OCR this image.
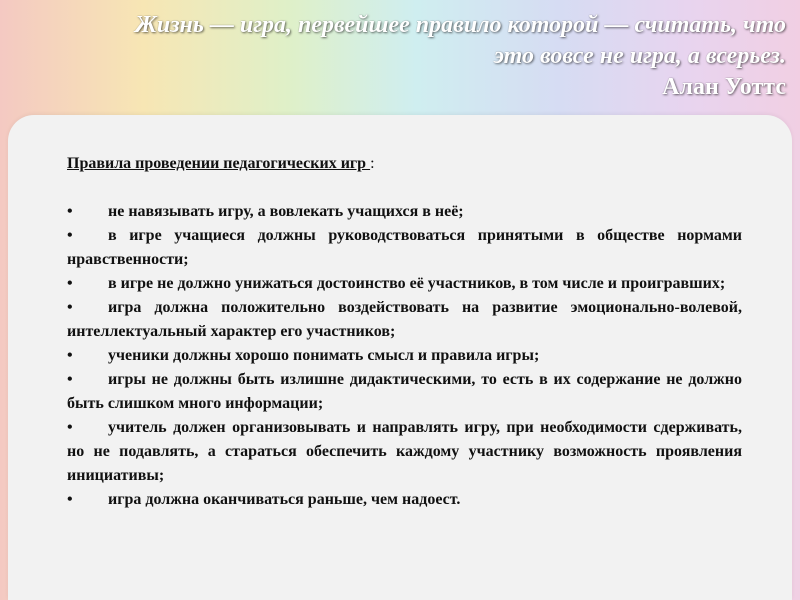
Жизнь — игра, первейшее правило которой — считать, что
это вовсе не игра, а всерьез.
Алан Уоттс
Правила проведении педагогических игр :

• не навязывать игру, а вовлекать учащихся в неё;

• в игре учащиеся должны руководствоваться принятыми в обществе нормами нравственности;

• в игре не должно унижаться достоинство её участников, в том числе и проигравших;

• игра должна положительно воздействовать на развитие эмоционально-волевой, интеллектуальный характер его участников;

• ученики должны хорошо понимать смысл и правила игры;

• игры не должны быть излишне дидактическими, то есть в их содержание не должно быть слишком много информации;

• учитель должен организовывать и направлять игру, при необходимости сдерживать, но не подавлять, а стараться обеспечить каждому участнику возможность проявления инициативы;

• игра должна оканчиваться раньше, чем надоест.
